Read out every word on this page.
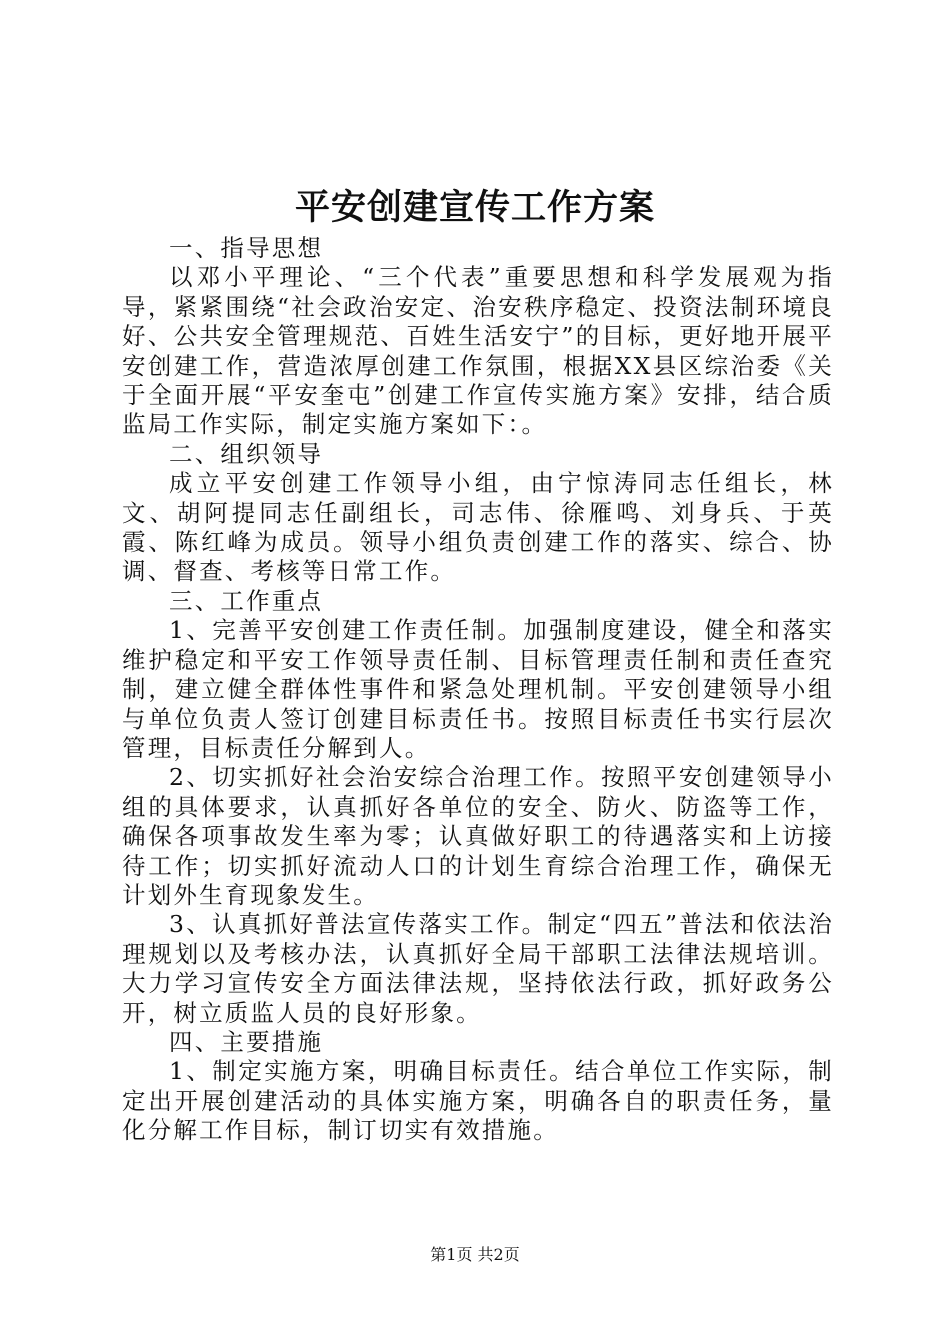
平安创建宣传工作方案

一、指导思想

以邓小平理论、“三个代表”重要思想和科学发展观为指导，紧紧围绕“社会政治安定、治安秩序稳定、投资法制环境良好、公共安全管理规范、百姓生活安宁”的目标，更好地开展平安创建工作，营造浓厚创建工作氛围，根据XX县区综治委《关于全面开展“平安奎屯”创建工作宣传实施方案》安排，结合质监局工作实际，制定实施方案如下：。

二、组织领导

成立平安创建工作领导小组，由宁惊涛同志任组长，林文、胡阿提同志任副组长，司志伟、徐雁鸣、刘身兵、于英霞、陈红峰为成员。领导小组负责创建工作的落实、综合、协调、督查、考核等日常工作。

三、工作重点

1、完善平安创建工作责任制。加强制度建设，健全和落实维护稳定和平安工作领导责任制、目标管理责任制和责任查究制，建立健全群体性事件和紧急处理机制。平安创建领导小组与单位负责人签订创建目标责任书。按照目标责任书实行层次管理，目标责任分解到人。

2、切实抓好社会治安综合治理工作。按照平安创建领导小组的具体要求，认真抓好各单位的安全、防火、防盗等工作，确保各项事故发生率为零；认真做好职工的待遇落实和上访接待工作；切实抓好流动人口的计划生育综合治理工作，确保无计划外生育现象发生。

3、认真抓好普法宣传落实工作。制定“四五”普法和依法治理规划以及考核办法，认真抓好全局干部职工法律法规培训。大力学习宣传安全方面法律法规，坚持依法行政，抓好政务公开，树立质监人员的良好形象。

四、主要措施

1、制定实施方案，明确目标责任。结合单位工作实际，制定出开展创建活动的具体实施方案，明确各自的职责任务，量化分解工作目标，制订切实有效措施。

第1页 共2页
